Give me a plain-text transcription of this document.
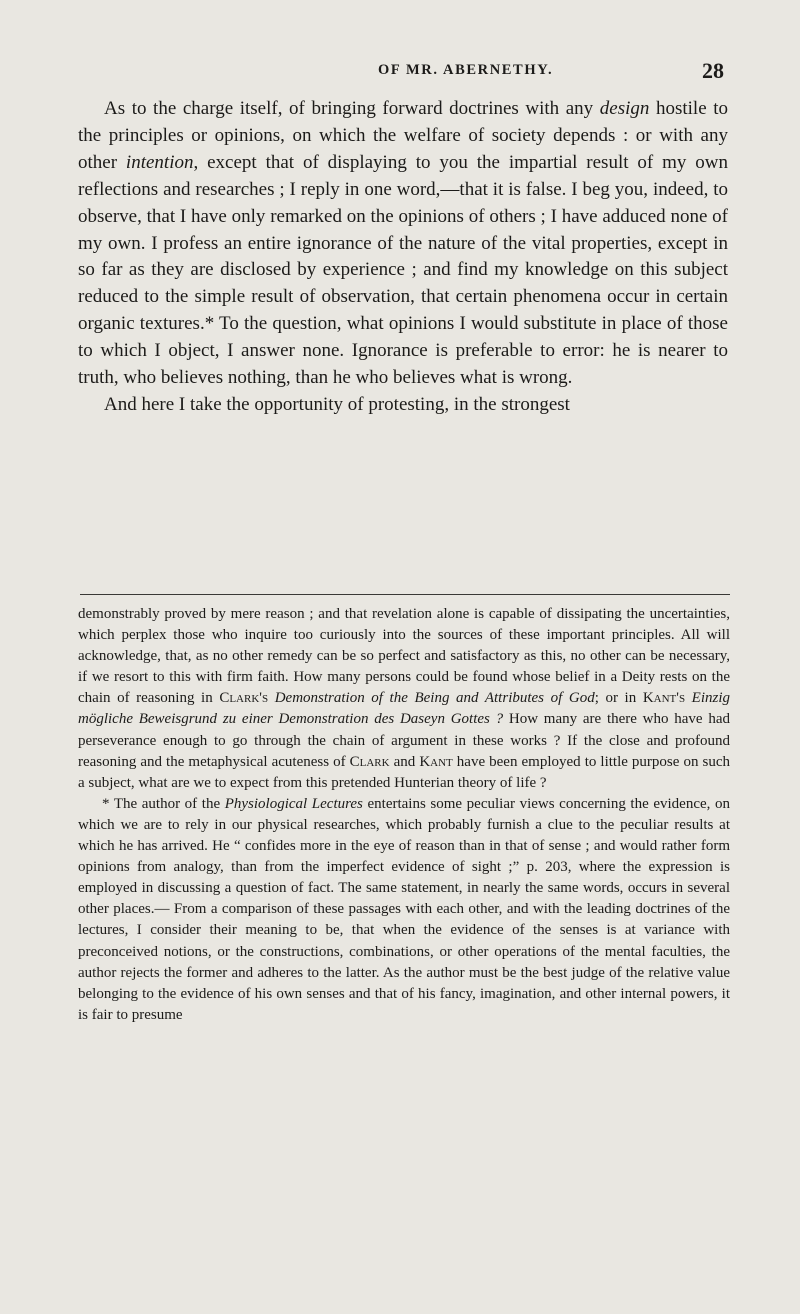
OF MR. ABERNETHY.	28

As to the charge itself, of bringing forward doctrines with any design hostile to the principles or opinions, on which the welfare of society depends : or with any other intention, except that of displaying to you the impartial result of my own reflections and researches ; I reply in one word,—that it is false. I beg you, indeed, to observe, that I have only remarked on the opinions of others ; I have adduced none of my own. I profess an entire ignorance of the nature of the vital properties, except in so far as they are disclosed by experience ; and find my knowledge on this subject reduced to the simple result of observation, that certain phenomena occur in certain organic textures.* To the question, what opinions I would substitute in place of those to which I object, I answer none. Ignorance is preferable to error: he is nearer to truth, who believes nothing, than he who believes what is wrong.

And here I take the opportunity of protesting, in the strongest

demonstrably proved by mere reason ; and that revelation alone is capable of dissipating the uncertainties, which perplex those who inquire too curiously into the sources of these important principles. All will acknowledge, that, as no other remedy can be so perfect and satisfactory as this, no other can be necessary, if we resort to this with firm faith. How many persons could be found whose belief in a Deity rests on the chain of reasoning in Clark's Demonstration of the Being and Attributes of God; or in Kant's Einzig mögliche Beweisgrund zu einer Demonstration des Daseyn Gottes ? How many are there who have had perseverance enough to go through the chain of argument in these works ? If the close and profound reasoning and the metaphysical acuteness of Clark and Kant have been employed to little purpose on such a subject, what are we to expect from this pretended Hunterian theory of life ?

* The author of the Physiological Lectures entertains some peculiar views concerning the evidence, on which we are to rely in our physical researches, which probably furnish a clue to the peculiar results at which he has arrived. He “ confides more in the eye of reason than in that of sense ; and would rather form opinions from analogy, than from the imperfect evidence of sight ;” p. 203, where the expression is employed in discussing a question of fact. The same statement, in nearly the same words, occurs in several other places.— From a comparison of these passages with each other, and with the leading doctrines of the lectures, I consider their meaning to be, that when the evidence of the senses is at variance with preconceived notions, or the constructions, combinations, or other operations of the mental faculties, the author rejects the former and adheres to the latter. As the author must be the best judge of the relative value belonging to the evidence of his own senses and that of his fancy, imagination, and other internal powers, it is fair to presume
